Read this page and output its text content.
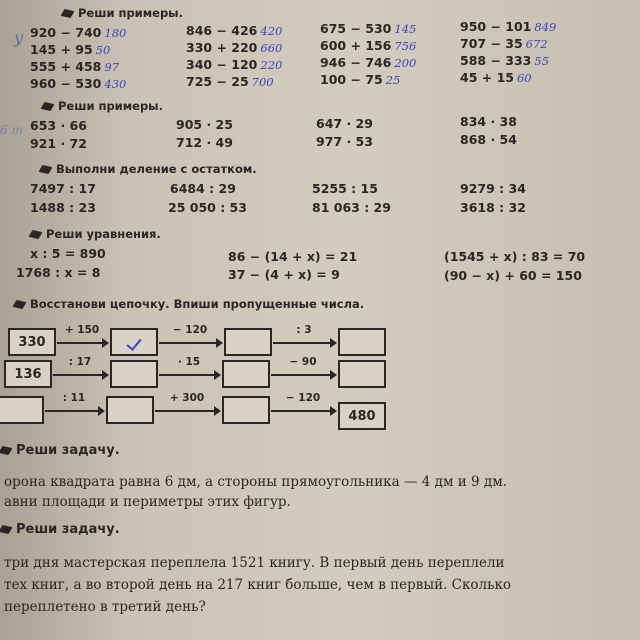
y
6 m
Реши примеры.
920 − 740 180	846 − 426 420	675 − 530 145	950 − 101 849
145 + 95 50	330 + 220 660	600 + 156 756	707 − 35 672
555 + 458 97	340 − 120 220	946 − 746 200	588 − 333 55
960 − 530 430	725 − 25 700	100 − 75 25	45 + 15 60
Реши примеры.
653 · 66	905 · 25	647 · 29	834 · 38
921 · 72	712 · 49	977 · 53	868 · 54
Выполни деление с остатком.
7497 : 17	6484 : 29	5255 : 15	9279 : 34
1488 : 23	25 050 : 53	81 063 : 29	3618 : 32
Реши уравнения.
x : 5 = 890	86 − (14 + x) = 21	(1545 + x) : 83 = 70
1768 : x = 8	37 − (4 + x) = 9	(90 − x) + 60 = 150
Восстанови цепочку. Впиши пропущенные числа.
330
+ 150	− 120	: 3
136
: 17	· 15	− 90
: 11	+ 300	− 120
480
Реши задачу.
орона квадрата равна 6 дм, а стороны прямоугольника — 4 дм и 9 дм.
авни площади и периметры этих фигур.
Реши задачу.
три дня мастерская переплела 1521 книгу. В первый день переплели
тех книг, а во второй день на 217 книг больше, чем в первый. Сколько
переплетено в третий день?
